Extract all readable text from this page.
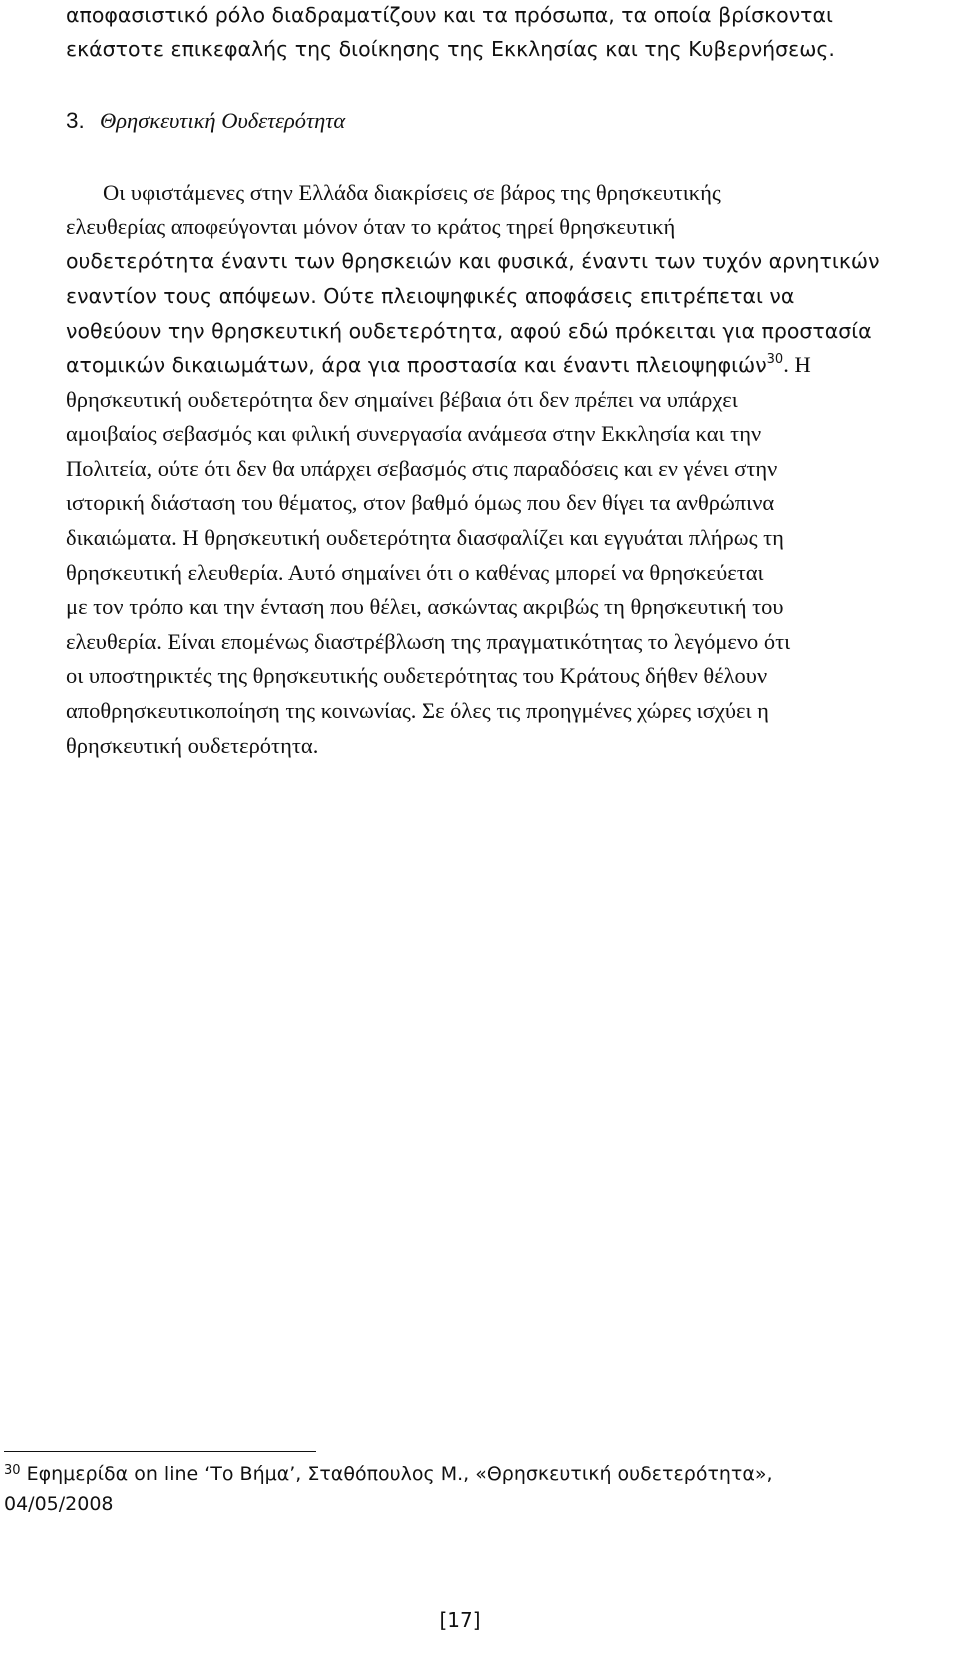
αποφασιστικό ρόλο διαδραματίζουν και τα πρόσωπα, τα οποία βρίσκονται
εκάστοτε επικεφαλής της διοίκησης της Εκκλησίας και της Κυβερνήσεως.
3. Θρησκευτική Ουδετερότητα
Οι υφιστάμενες στην Ελλάδα διακρίσεις σε βάρος της θρησκευτικής
ελευθερίας αποφεύγονται μόνον όταν το κράτος τηρεί θρησκευτική
ουδετερότητα έναντι των θρησκειών και φυσικά, έναντι των τυχόν αρνητικών
εναντίον τους απόψεων. Ούτε πλειοψηφικές αποφάσεις επιτρέπεται να
νοθεύουν την θρησκευτική ουδετερότητα, αφού εδώ πρόκειται για προστασία
ατομικών δικαιωμάτων, άρα για προστασία και έναντι πλειοψηφιών$^{30}$. Η
θρησκευτική ουδετερότητα δεν σημαίνει βέβαια ότι δεν πρέπει να υπάρχει
αμοιβαίος σεβασμός και φιλική συνεργασία ανάμεσα στην Εκκλησία και την
Πολιτεία, ούτε ότι δεν θα υπάρχει σεβασμός στις παραδόσεις και εν γένει στην
ιστορική διάσταση του θέματος, στον βαθμό όμως που δεν θίγει τα ανθρώπινα
δικαιώματα. Η θρησκευτική ουδετερότητα διασφαλίζει και εγγυάται πλήρως τη
θρησκευτική ελευθερία. Αυτό σημαίνει ότι ο καθένας μπορεί να θρησκεύεται
με τον τρόπο και την ένταση που θέλει, ασκώντας ακριβώς τη θρησκευτική του
ελευθερία. Είναι επομένως διαστρέβλωση της πραγματικότητας το λεγόμενο ότι
οι υποστηρικτές της θρησκευτικής ουδετερότητας του Κράτους δήθεν θέλουν
αποθρησκευτικοποίηση της κοινωνίας. Σε όλες τις προηγμένες χώρες ισχύει η
θρησκευτική ουδετερότητα.
$^{30}$ Εφημερίδα on line ‘Το Βήμα’, Σταθόπουλος Μ., «Θρησκευτική ουδετερότητα»,
04/05/2008
[17]
